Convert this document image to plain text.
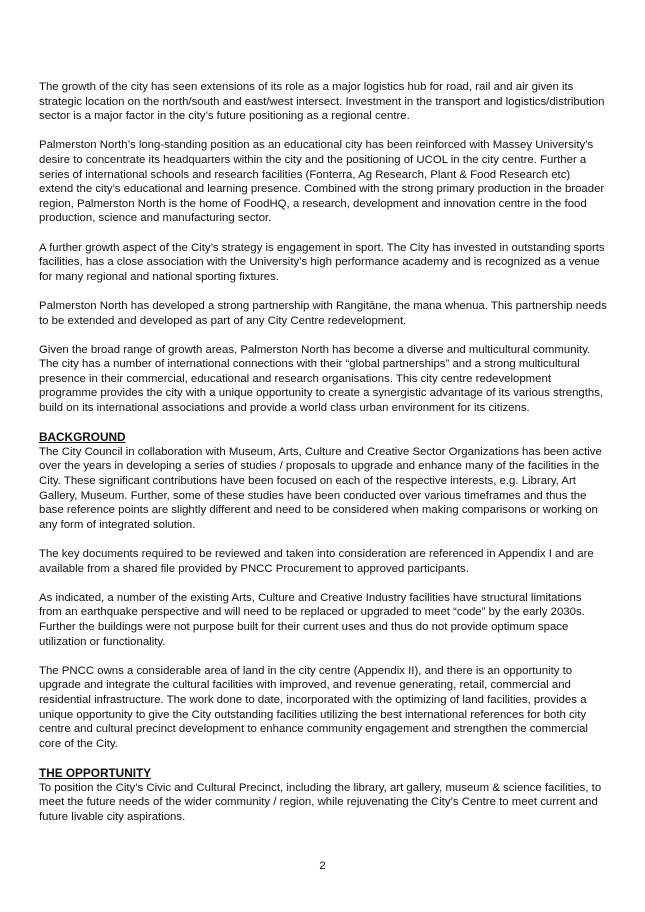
The growth of the city has seen extensions of its role as a major logistics hub for road, rail and air given its strategic location on the north/south and east/west intersect. Investment in the transport and logistics/distribution sector is a major factor in the city’s future positioning as a regional centre.

Palmerston North’s long-standing position as an educational city has been reinforced with Massey University’s desire to concentrate its headquarters within the city and the positioning of UCOL in the city centre. Further a series of international schools and research facilities (Fonterra, Ag Research, Plant & Food Research etc) extend the city’s educational and learning presence. Combined with the strong primary production in the broader region, Palmerston North is the home of FoodHQ, a research, development and innovation centre in the food production, science and manufacturing sector.

A further growth aspect of the City’s strategy is engagement in sport. The City has invested in outstanding sports facilities, has a close association with the University’s high performance academy and is recognized as a venue for many regional and national sporting fixtures.

Palmerston North has developed a strong partnership with Rangitāne, the mana whenua. This partnership needs to be extended and developed as part of any City Centre redevelopment.

Given the broad range of growth areas, Palmerston North has become a diverse and multicultural community. The city has a number of international connections with their “global partnerships” and a strong multicultural presence in their commercial, educational and research organisations. This city centre redevelopment programme provides the city with a unique opportunity to create a synergistic advantage of its various strengths, build on its international associations and provide a world class urban environment for its citizens.

BACKGROUND

The City Council in collaboration with Museum, Arts, Culture and Creative Sector Organizations has been active over the years in developing a series of studies / proposals to upgrade and enhance many of the facilities in the City. These significant contributions have been focused on each of the respective interests, e.g. Library, Art Gallery, Museum. Further, some of these studies have been conducted over various timeframes and thus the base reference points are slightly different and need to be considered when making comparisons or working on any form of integrated solution.

The key documents required to be reviewed and taken into consideration are referenced in Appendix I and are available from a shared file provided by PNCC Procurement to approved participants.

As indicated, a number of the existing Arts, Culture and Creative Industry facilities have structural limitations from an earthquake perspective and will need to be replaced or upgraded to meet “code” by the early 2030s. Further the buildings were not purpose built for their current uses and thus do not provide optimum space utilization or functionality.

The PNCC owns a considerable area of land in the city centre (Appendix II), and there is an opportunity to upgrade and integrate the cultural facilities with improved, and revenue generating, retail, commercial and residential infrastructure. The work done to date, incorporated with the optimizing of land facilities, provides a unique opportunity to give the City outstanding facilities utilizing the best international references for both city centre and cultural precinct development to enhance community engagement and strengthen the commercial core of the City.

THE OPPORTUNITY

To position the City’s Civic and Cultural Precinct, including the library, art gallery, museum & science facilities, to meet the future needs of the wider community / region, while rejuvenating the City’s Centre to meet current and future livable city aspirations.

2
